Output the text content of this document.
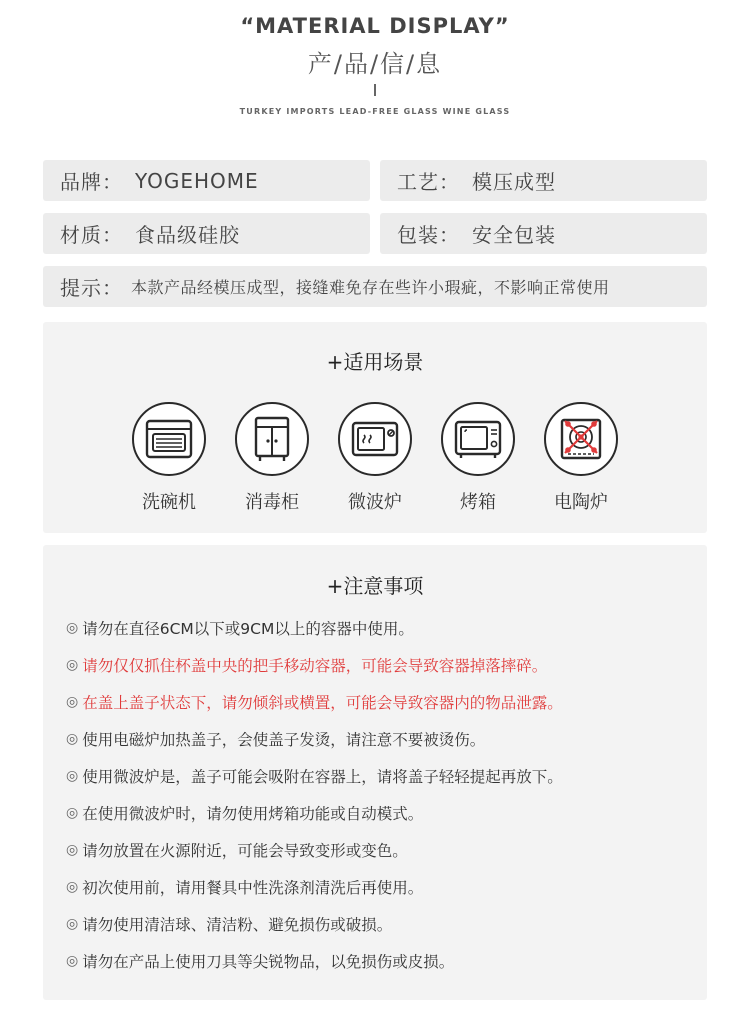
“MATERIAL DISPLAY”
产/品/信/息
TURKEY IMPORTS LEAD-FREE GLASS WINE GLASS
品牌： YOGEHOME	工艺： 模压成型
材质： 食品级硅胶	包装： 安全包装
提示： 本款产品经模压成型，接缝难免存在些许小瑕疵，不影响正常使用
+适用场景
洗碗机	消毒柜	微波炉	烤箱	电陶炉
+注意事项
◎ 请勿在直径6CM以下或9CM以上的容器中使用。
◎ 请勿仅仅抓住杯盖中央的把手移动容器，可能会导致容器掉落摔碎。
◎ 在盖上盖子状态下，请勿倾斜或横置，可能会导致容器内的物品泄露。
◎ 使用电磁炉加热盖子，会使盖子发烫，请注意不要被烫伤。
◎ 使用微波炉是，盖子可能会吸附在容器上，请将盖子轻轻提起再放下。
◎ 在使用微波炉时，请勿使用烤箱功能或自动模式。
◎ 请勿放置在火源附近，可能会导致变形或变色。
◎ 初次使用前，请用餐具中性洗涤剂清洗后再使用。
◎ 请勿使用清洁球、清洁粉、避免损伤或破损。
◎ 请勿在产品上使用刀具等尖锐物品，以免损伤或皮损。
